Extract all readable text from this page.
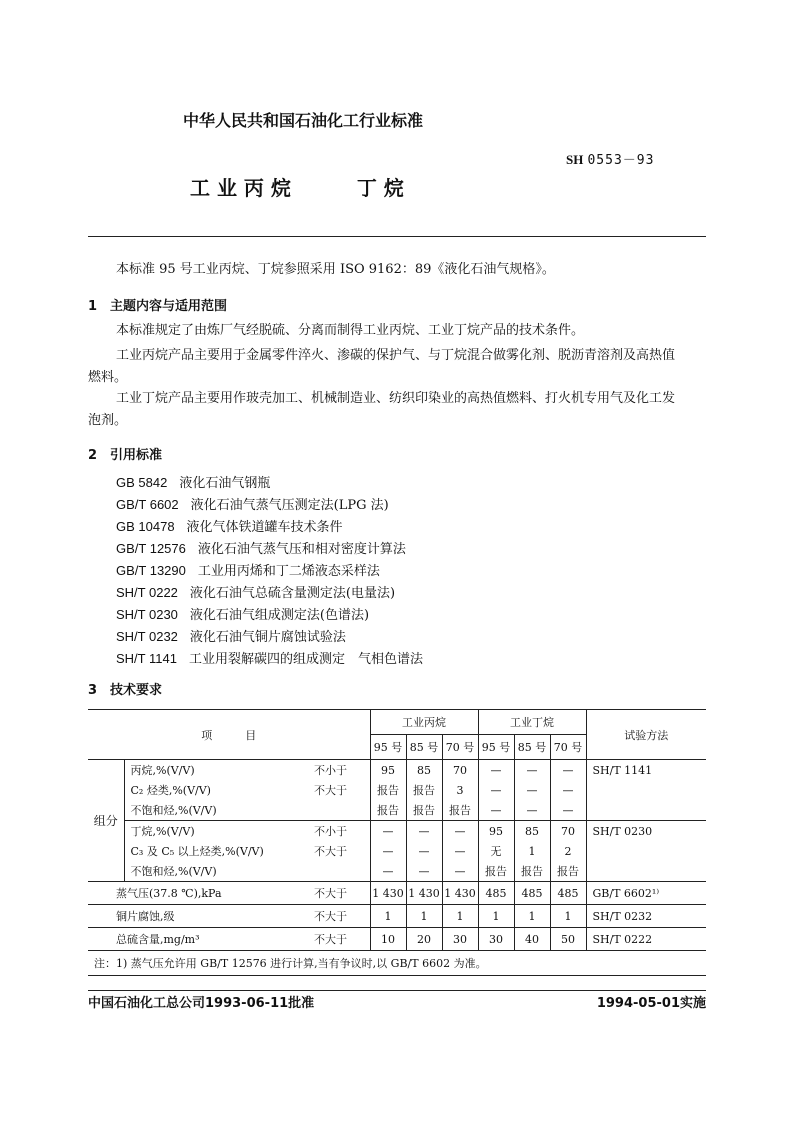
中华人民共和国石油化工行业标准
SH 0553－93
工 业 丙 烷	丁 烷
本标准 95 号工业丙烷、丁烷参照采用 ISO 9162：89《液化石油气规格》。
1　主题内容与适用范围
本标准规定了由炼厂气经脱硫、分离而制得工业丙烷、工业丁烷产品的技术条件。
工业丙烷产品主要用于金属零件淬火、渗碳的保护气、与丁烷混合做雾化剂、脱沥青溶剂及高热值
燃料。
工业丁烷产品主要用作玻壳加工、机械制造业、纺织印染业的高热值燃料、打火机专用气及化工发
泡剂。
2　引用标准
GB 5842 液化石油气钢瓶
GB/T 6602 液化石油气蒸气压测定法(LPG 法)
GB 10478 液化气体铁道罐车技术条件
GB/T 12576 液化石油气蒸气压和相对密度计算法
GB/T 13290 工业用丙烯和丁二烯液态采样法
SH/T 0222 液化石油气总硫含量测定法(电量法)
SH/T 0230 液化石油气组成测定法(色谱法)
SH/T 0232 液化石油气铜片腐蚀试验法
SH/T 1141 工业用裂解碳四的组成测定　气相色谱法
3　技术要求
项　　　目			工业丙烷			工业丁烷			试验方法
			95 号	85 号	70 号	95 号	85 号	70 号	
组分	丙烷,%(V/V)	不小于	95	85	70	—	—	—	SH/T 1141
	C₂ 烃类,%(V/V)	不大于	报告	报告	3	—	—	—	
	不饱和烃,%(V/V)		报告	报告	报告	—	—	—	
	丁烷,%(V/V)	不小于	—	—	—	95	85	70	SH/T 0230
	C₃ 及 C₅ 以上烃类,%(V/V)	不大于	—	—	—	无	1	2	
	不饱和烃,%(V/V)		—	—	—	报告	报告	报告	
蒸气压(37.8 ℃),kPa		不大于	1 430	1 430	1 430	485	485	485	GB/T 6602¹⁾
铜片腐蚀,级		不大于	1	1	1	1	1	1	SH/T 0232
总硫含量,mg/m³		不大于	10	20	30	30	40	50	SH/T 0222
注：1) 蒸气压允许用 GB/T 12576 进行计算,当有争议时,以 GB/T 6602 为准。									
中国石油化工总公司1993-06-11批准	1994-05-01实施
